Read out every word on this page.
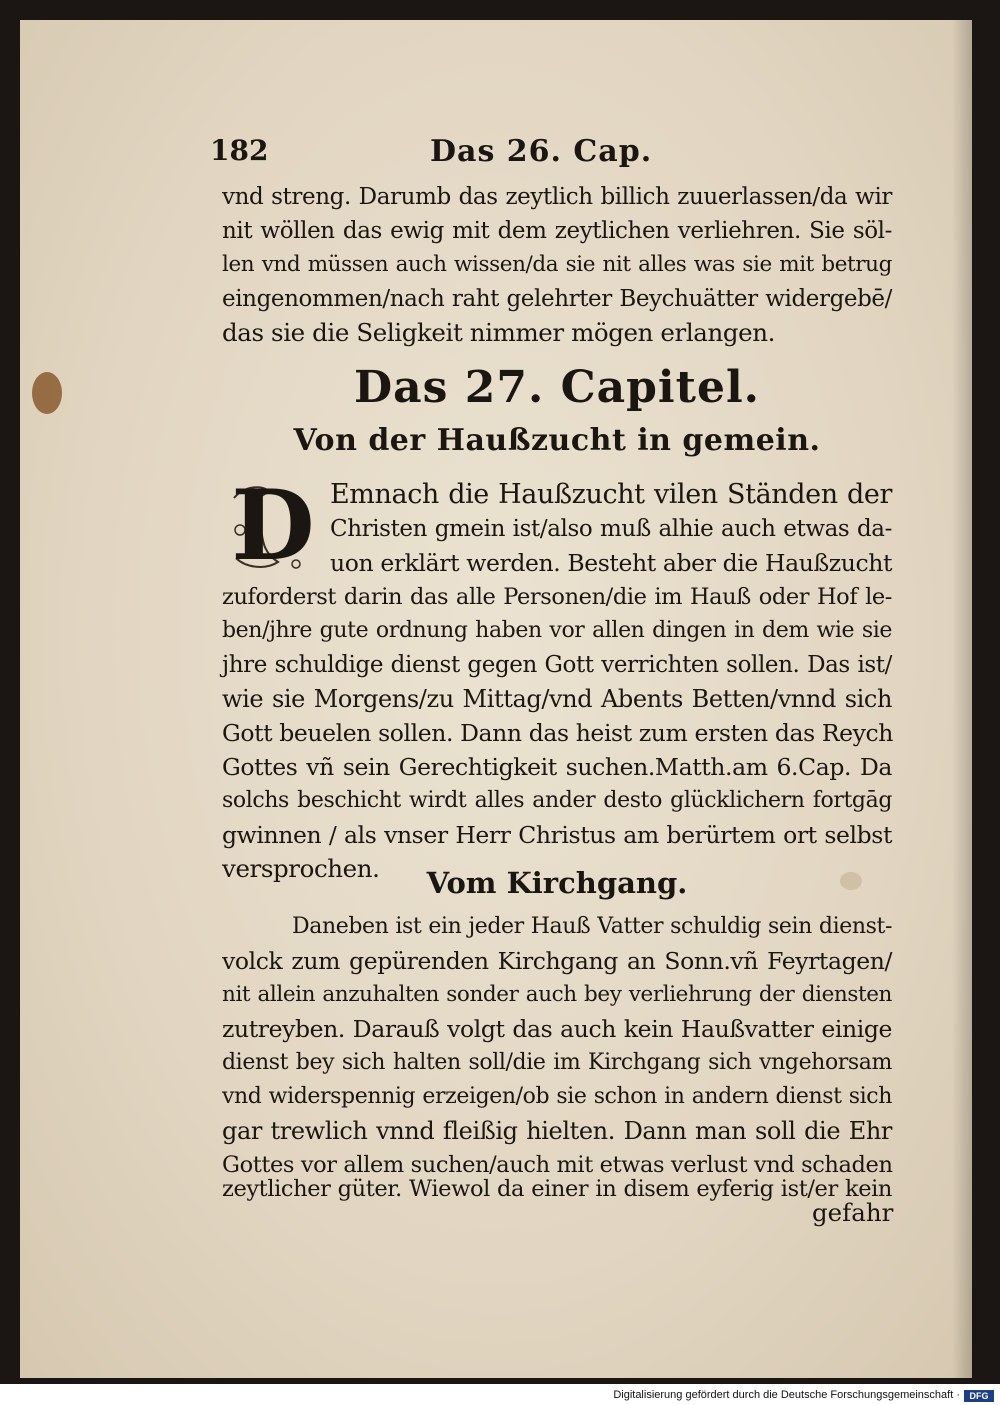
182	Das 26. Cap.
vnd streng. Darumb das zeytlich billich zuuerlassen/da wir
nit wöllen das ewig mit dem zeytlichen verliehren. Sie söl-
len vnd müssen auch wissen/da sie nit alles was sie mit betrug
eingenommen/nach raht gelehrter Beychuätter widergebē/
das sie die Seligkeit nimmer mögen erlangen.
Das 27. Capitel.
Von der Haußzucht in gemein.
D Emnach die Haußzucht vilen Ständen der
Christen gmein ist/also muß alhie auch etwas da-
uon erklärt werden. Besteht aber die Haußzucht
zuforderst darin das alle Personen/die im Hauß oder Hof le-
ben/jhre gute ordnung haben vor allen dingen in dem wie sie
jhre schuldige dienst gegen Gott verrichten sollen. Das ist/
wie sie Morgens/zu Mittag/vnd Abents Betten/vnnd sich
Gott beuelen sollen. Dann das heist zum ersten das Reych
Gottes vñ sein Gerechtigkeit suchen.Matth.am 6.Cap. Da
solchs beschicht wirdt alles ander desto glücklichern fortgāg
gwinnen / als vnser Herr Christus am berürtem ort selbst
versprochen.	Vom Kirchgang.
Daneben ist ein jeder Hauß Vatter schuldig sein dienst-
volck zum gepürenden Kirchgang an Sonn.vñ Feyrtagen/
nit allein anzuhalten sonder auch bey verliehrung der diensten
zutreyben. Darauß volgt das auch kein Haußvatter einige
dienst bey sich halten soll/die im Kirchgang sich vngehorsam
vnd widerspennig erzeigen/ob sie schon in andern dienst sich
gar trewlich vnnd fleißig hielten. Dann man soll die Ehr
Gottes vor allem suchen/auch mit etwas verlust vnd schaden
zeytlicher güter. Wiewol da einer in disem eyferig ist/er kein
gefahr
Digitalisierung gefördert durch die Deutsche Forschungsgemeinschaft ·	DFG
